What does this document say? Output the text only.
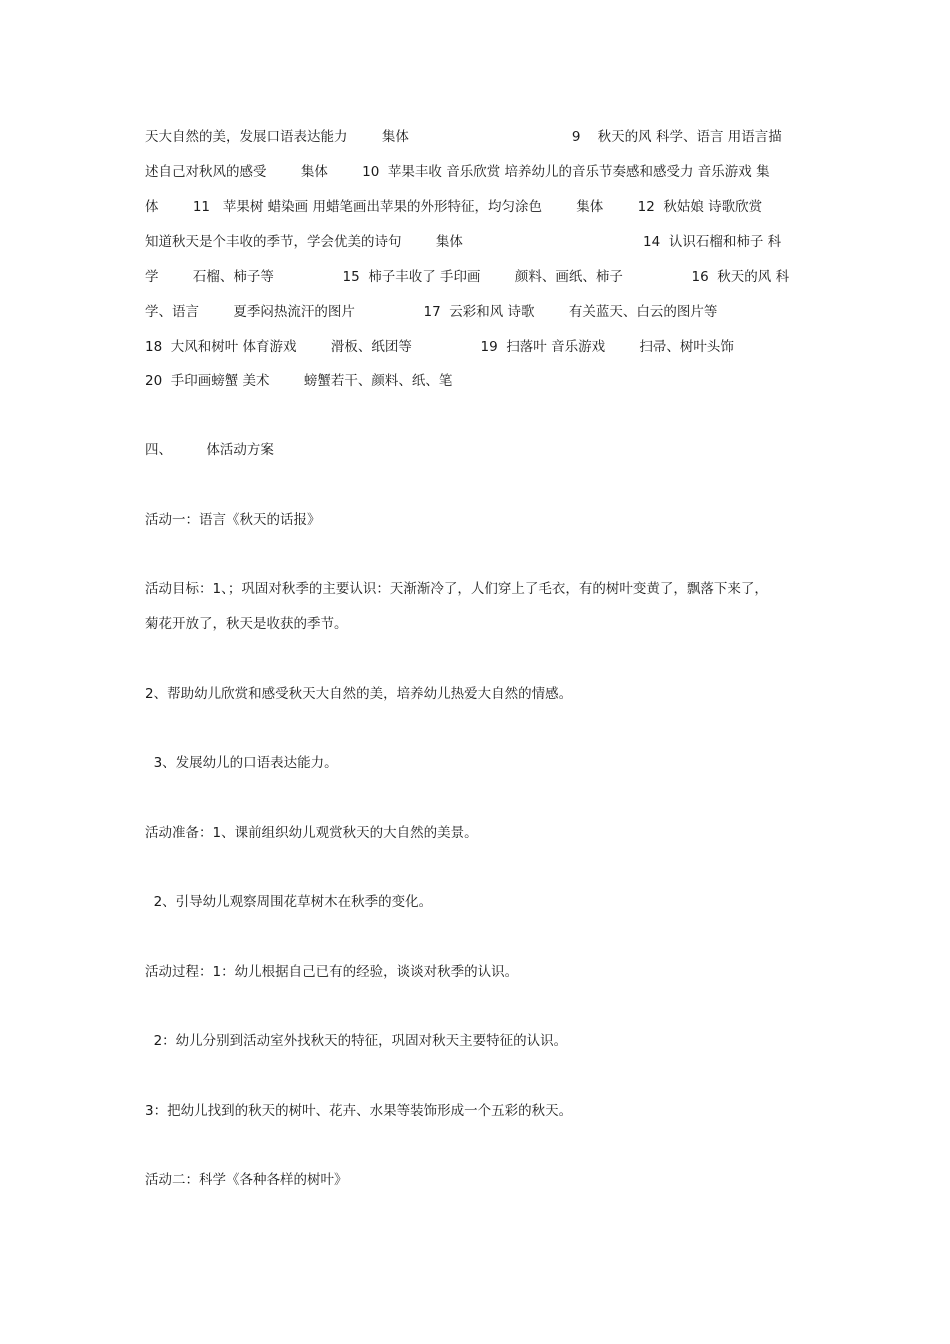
天大自然的美，发展口语表达能力        集体                                      9    秋天的风 科学、语言 用语言描
述自己对秋风的感受        集体        10  苹果丰收 音乐欣赏 培养幼儿的音乐节奏感和感受力 音乐游戏 集
体        11   苹果树 蜡染画 用蜡笔画出苹果的外形特征，均匀涂色        集体        12  秋姑娘 诗歌欣赏
知道秋天是个丰收的季节，学会优美的诗句        集体                                          14  认识石榴和柿子 科
学        石榴、柿子等                15  柿子丰收了 手印画        颜料、画纸、柿子                16  秋天的风 科
学、语言        夏季闷热流汗的图片                17  云彩和风 诗歌        有关蓝天、白云的图片等
18  大风和树叶 体育游戏        滑板、纸团等                19  扫落叶 音乐游戏        扫帚、树叶头饰
20  手印画螃蟹 美术        螃蟹若干、颜料、纸、笔
四、        体活动方案
活动一：语言《秋天的话报》
活动目标：1、；巩固对秋季的主要认识：天渐渐冷了，人们穿上了毛衣，有的树叶变黄了，飘落下来了，
菊花开放了，秋天是收获的季节。
2、帮助幼儿欣赏和感受秋天大自然的美，培养幼儿热爱大自然的情感。
3、发展幼儿的口语表达能力。
活动准备：1、课前组织幼儿观赏秋天的大自然的美景。
2、引导幼儿观察周围花草树木在秋季的变化。
活动过程：1：幼儿根据自己已有的经验，谈谈对秋季的认识。
2：幼儿分别到活动室外找秋天的特征，巩固对秋天主要特征的认识。
3：把幼儿找到的秋天的树叶、花卉、水果等装饰形成一个五彩的秋天。
活动二：科学《各种各样的树叶》
